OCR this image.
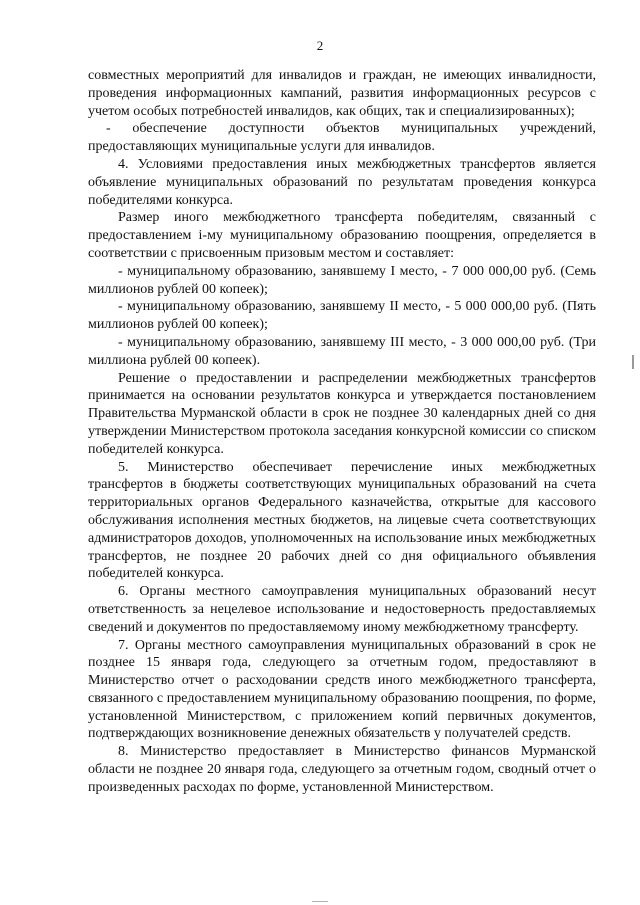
2

совместных мероприятий для инвалидов и граждан, не имеющих инвалидности, проведения информационных кампаний, развития информационных ресурсов с учетом особых потребностей инвалидов, как общих, так и специализированных);

- обеспечение доступности объектов муниципальных учреждений, предоставляющих муниципальные услуги для инвалидов.

4. Условиями предоставления иных межбюджетных трансфертов является объявление муниципальных образований по результатам проведения конкурса победителями конкурса.

Размер иного межбюджетного трансферта победителям, связанный с предоставлением i-му муниципальному образованию поощрения, определяется в соответствии с присвоенным призовым местом и составляет:

- муниципальному образованию, занявшему I место, - 7 000 000,00 руб. (Семь миллионов рублей 00 копеек);

- муниципальному образованию, занявшему II место, - 5 000 000,00 руб. (Пять миллионов рублей 00 копеек);

- муниципальному образованию, занявшему III место, - 3 000 000,00 руб. (Три миллиона рублей 00 копеек).

Решение о предоставлении и распределении межбюджетных трансфертов принимается на основании результатов конкурса и утверждается постановлением Правительства Мурманской области в срок не позднее 30 календарных дней со дня утверждении Министерством протокола заседания конкурсной комиссии со списком победителей конкурса.

5. Министерство обеспечивает перечисление иных межбюджетных трансфертов в бюджеты соответствующих муниципальных образований на счета территориальных органов Федерального казначейства, открытые для кассового обслуживания исполнения местных бюджетов, на лицевые счета соответствующих администраторов доходов, уполномоченных на использование иных межбюджетных трансфертов, не позднее 20 рабочих дней со дня официального объявления победителей конкурса.

6. Органы местного самоуправления муниципальных образований несут ответственность за нецелевое использование и недостоверность предоставляемых сведений и документов по предоставляемому иному межбюджетному трансферту.

7. Органы местного самоуправления муниципальных образований в срок не позднее 15 января года, следующего за отчетным годом, предоставляют в Министерство отчет о расходовании средств иного межбюджетного трансферта, связанного с предоставлением муниципальному образованию поощрения, по форме, установленной Министерством, с приложением копий первичных документов, подтверждающих возникновение денежных обязательств у получателей средств.

8. Министерство предоставляет в Министерство финансов Мурманской области не позднее 20 января года, следующего за отчетным годом, сводный отчет о произведенных расходах по форме, установленной Министерством.
